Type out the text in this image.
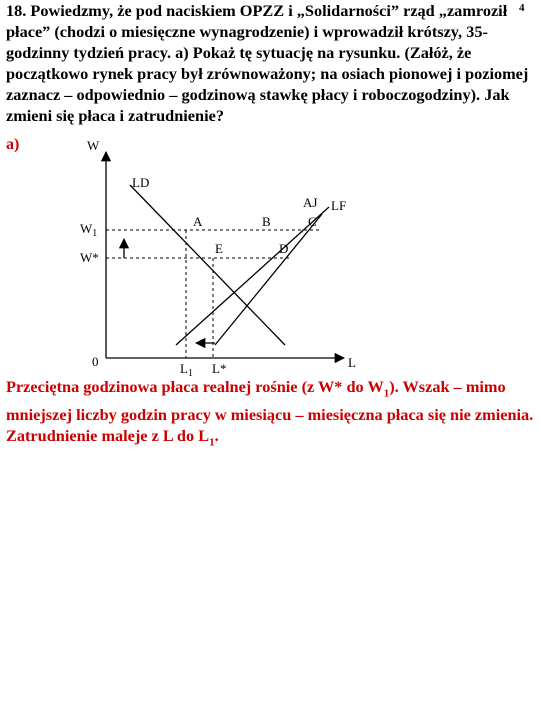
18. Powiedzmy, że pod naciskiem OPZZ i „Solidarności” rząd „zamroził płace” (chodzi o miesięczne wynagrodzenie) i wprowadził krótszy, 35-godzinny tydzień pracy. a) Pokaż tę sytuację na rysunku. (Załóż, że początkowo rynek pracy był zrównoważony; na osiach pionowej i poziomej zaznacz – odpowiednio – godzinową stawkę płacy i roboczogodziny). Jak zmieni się płaca i zatrudnienie?
4
a)	W
L
0
LD
AJ LF
$W_1$
W*
$L_1$ L*
A	B	C
D
E
Przeciętna godzinowa płaca realnej rośnie (z W* do $W_1$). Wszak – mimo mniejszej liczby godzin pracy w miesiącu – miesięczna płaca się nie zmienia. Zatrudnienie maleje z L do $L_1$.
